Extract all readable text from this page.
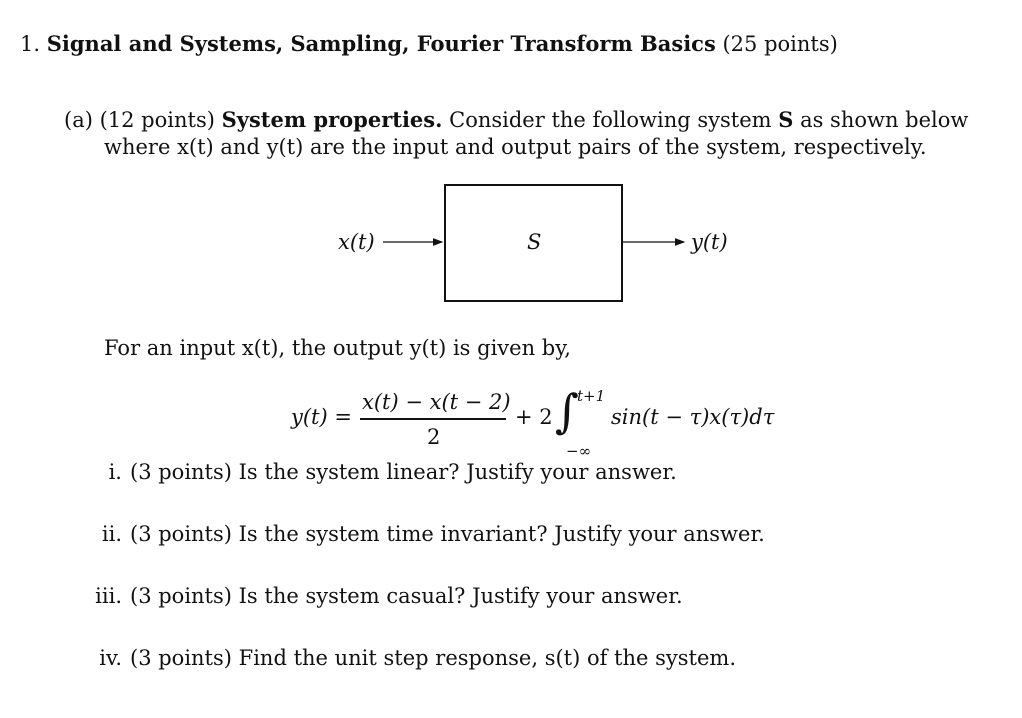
1. Signal and Systems, Sampling, Fourier Transform Basics (25 points)
(a) (12 points) System properties. Consider the following system S as shown below
where x(t) and y(t) are the input and output pairs of the system, respectively.
x(t)	S	y(t)
For an input x(t), the output y(t) is given by,
y(t) =
x(t) − x(t − 2)
2
+ 2 ∫
t+1
−∞
sin(t − τ)x(τ)dτ
i. (3 points) Is the system linear? Justify your answer.
ii. (3 points) Is the system time invariant? Justify your answer.
iii. (3 points) Is the system casual? Justify your answer.
iv. (3 points) Find the unit step response, s(t) of the system.
